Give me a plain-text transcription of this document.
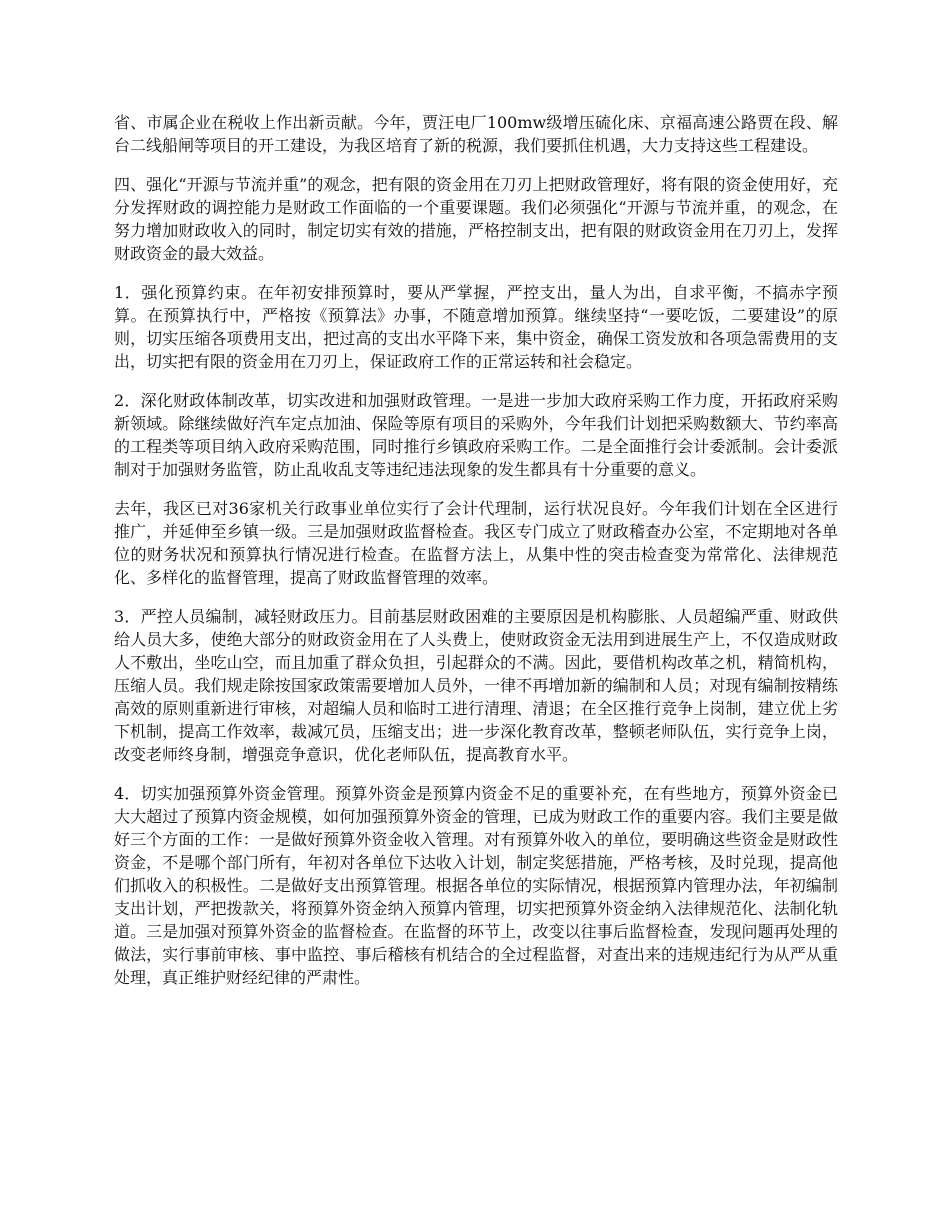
省、市属企业在税收上作出新贡献。今年，贾汪电厂100mw级增压硫化床、京福高速公路贾在段、解台二线船闸等项目的开工建设，为我区培育了新的税源，我们要抓住机遇，大力支持这些工程建设。

四、强化“开源与节流并重”的观念，把有限的资金用在刀刃上把财政管理好，将有限的资金使用好，充分发挥财政的调控能力是财政工作面临的一个重要课题。我们必须强化“开源与节流并重，的观念，在努力增加财政收入的同时，制定切实有效的措施，严格控制支出，把有限的财政资金用在刀刃上，发挥财政资金的最大效益。

1．强化预算约束。在年初安排预算时，要从严掌握，严控支出，量人为出，自求平衡，不搞赤字预算。在预算执行中，严格按《预算法》办事，不随意增加预算。继续坚持“一要吃饭，二要建设”的原则，切实压缩各项费用支出，把过高的支出水平降下来，集中资金，确保工资发放和各项急需费用的支出，切实把有限的资金用在刀刃上，保证政府工作的正常运转和社会稳定。

2．深化财政体制改革，切实改进和加强财政管理。一是进一步加大政府采购工作力度，开拓政府采购新领域。除继续做好汽车定点加油、保险等原有项目的采购外，今年我们计划把采购数额大、节约率高的工程类等项目纳入政府采购范围，同时推行乡镇政府采购工作。二是全面推行会计委派制。会计委派制对于加强财务监管，防止乱收乱支等违纪违法现象的发生都具有十分重要的意义。

去年，我区已对36家机关行政事业单位实行了会计代理制，运行状况良好。今年我们计划在全区进行推广，并延伸至乡镇一级。三是加强财政监督检查。我区专门成立了财政稽查办公室，不定期地对各单位的财务状况和预算执行情况进行检查。在监督方法上，从集中性的突击检查变为常常化、法律规范化、多样化的监督管理，提高了财政监督管理的效率。

3．严控人员编制，减轻财政压力。目前基层财政困难的主要原因是机构膨胀、人员超编严重、财政供给人员大多，使绝大部分的财政资金用在了人头费上，使财政资金无法用到进展生产上，不仅造成财政人不敷出，坐吃山空，而且加重了群众负担，引起群众的不满。因此，要借机构改革之机，精简机构，压缩人员。我们规走除按国家政策需要增加人员外，一律不再增加新的编制和人员；对现有编制按精练高效的原则重新进行审核，对超编人员和临时工进行清理、清退；在全区推行竞争上岗制，建立优上劣下机制，提高工作效率，裁减冗员，压缩支出；进一步深化教育改革，整顿老师队伍，实行竞争上岗，改变老师终身制，增强竞争意识，优化老师队伍，提高教育水平。

4．切实加强预算外资金管理。预算外资金是预算内资金不足的重要补充，在有些地方，预算外资金已大大超过了预算内资金规模，如何加强预算外资金的管理，已成为财政工作的重要内容。我们主要是做好三个方面的工作：一是做好预算外资金收入管理。对有预算外收入的单位，要明确这些资金是财政性资金，不是哪个部门所有，年初对各单位下达收入计划，制定奖惩措施，严格考核，及时兑现，提高他们抓收入的积极性。二是做好支出预算管理。根据各单位的实际情况，根据预算内管理办法，年初编制支出计划，严把拨款关，将预算外资金纳入预算内管理，切实把预算外资金纳入法律规范化、法制化轨道。三是加强对预算外资金的监督检查。在监督的环节上，改变以往事后监督检查，发现问题再处理的做法，实行事前审核、事中监控、事后稽核有机结合的全过程监督，对查出来的违规违纪行为从严从重处理，真正维护财经纪律的严肃性。
